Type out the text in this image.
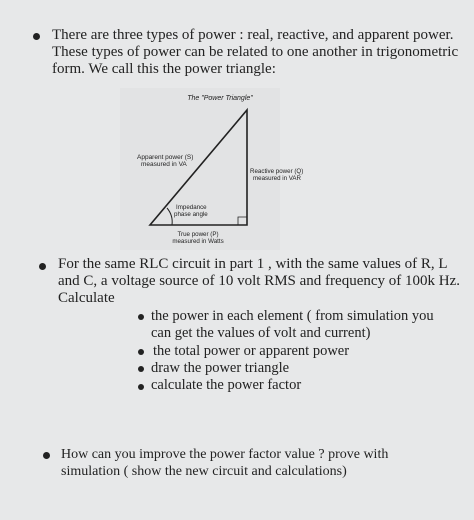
There are three types of power : real, reactive, and apparent power.
These types of power can be related to one another in trigonometric
form. We call this the power triangle:

The "Power Triangle"
Apparent power (S)
measured in VA
Reactive power (Q)
measured in VAR
Impedance
phase angle
True power (P)
measured in Watts

For the same RLC circuit in part 1 , with the same values of R, L
and C, a voltage source of 10 volt RMS and frequency of 100k Hz.
Calculate

the power in each element ( from simulation you
can get the values of volt and current)
the total power or apparent power
draw the power triangle
calculate the power factor

How can you improve the power factor value ? prove with
simulation ( show the new circuit and calculations)
